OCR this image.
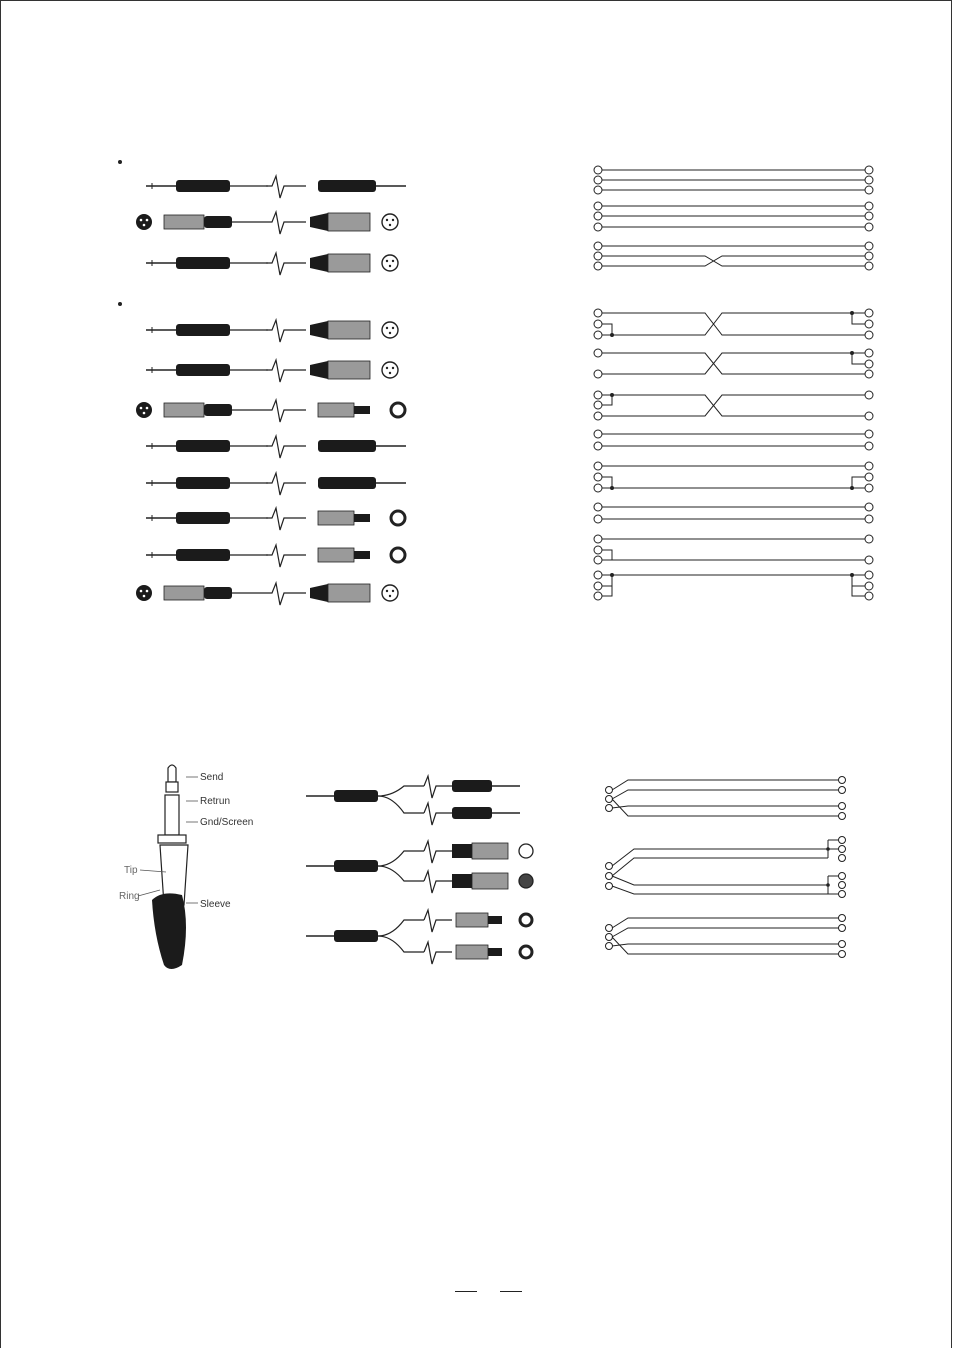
Send
Retrun
Gnd/Screen
Tip
Ring
Sleeve
